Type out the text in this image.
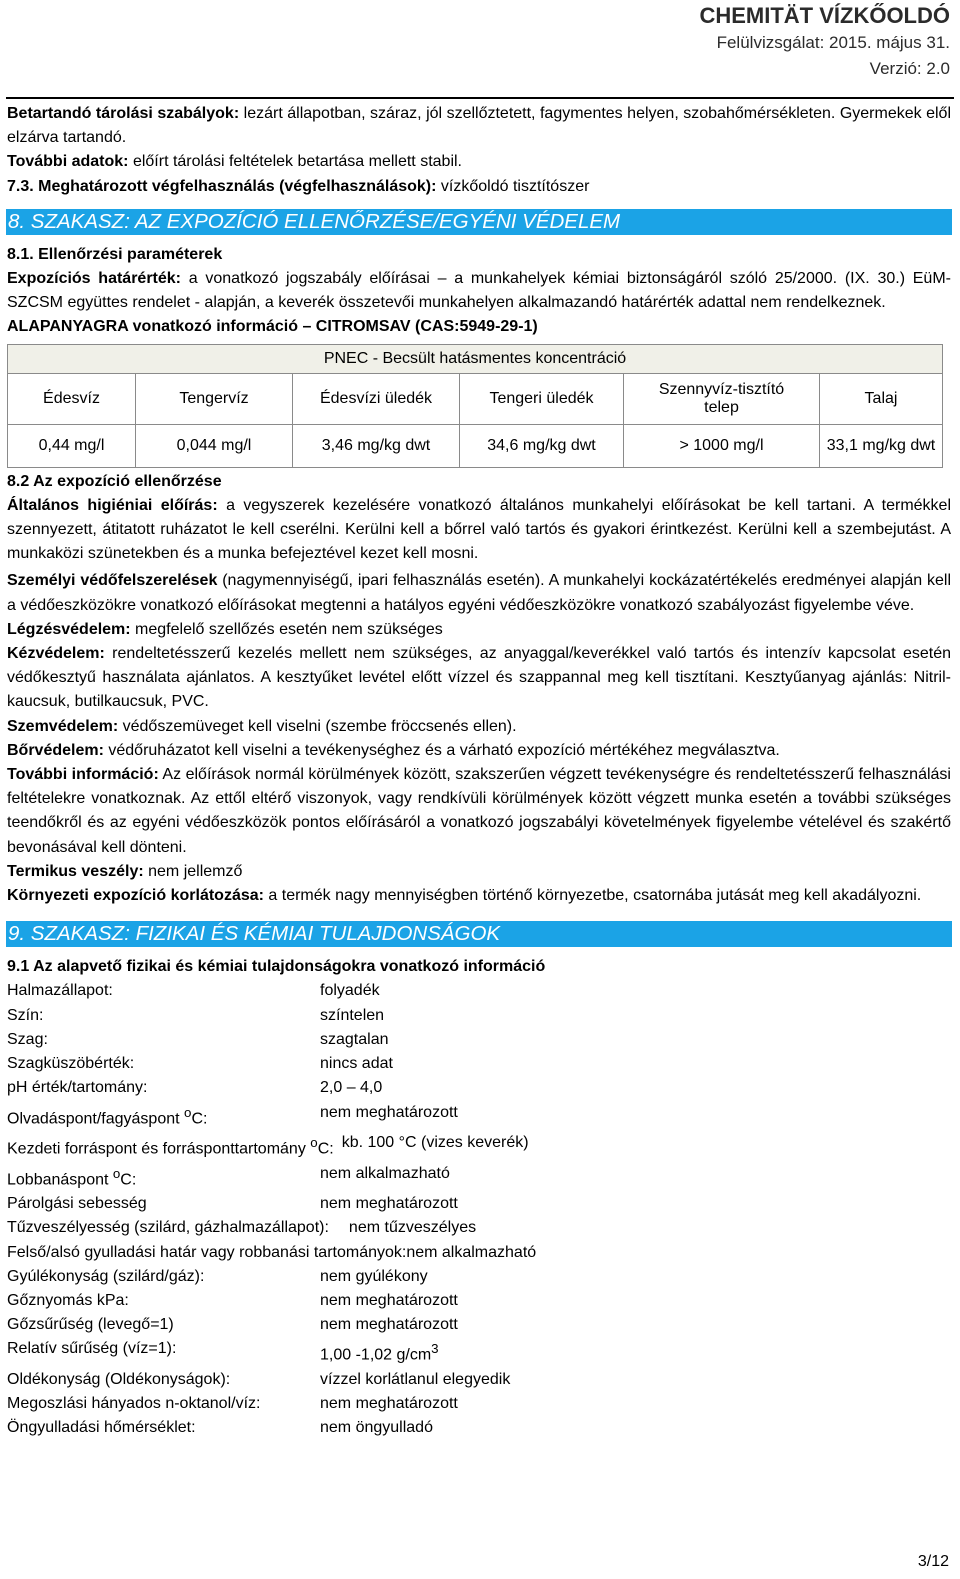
CHEMITÄT VÍZKŐOLDÓ
Felülvizsgálat: 2015. május 31.
Verzió: 2.0

Betartandó tárolási szabályok: lezárt állapotban, száraz, jól szellőztetett, fagymentes helyen, szobahőmérsékleten. Gyermekek elől elzárva tartandó.

További adatok: előírt tárolási feltételek betartása mellett stabil.

7.3. Meghatározott végfelhasználás (végfelhasználások): vízkőoldó tisztítószer

8. SZAKASZ: AZ EXPOZÍCIÓ ELLENŐRZÉSE/EGYÉNI VÉDELEM

8.1. Ellenőrzési paraméterek

Expozíciós határérték: a vonatkozó jogszabály előírásai – a munkahelyek kémiai biztonságáról szóló 25/2000. (IX. 30.) EüM-SZCSM együttes rendelet - alapján, a keverék összetevői munkahelyen alkalmazandó határérték adattal nem rendelkeznek.

ALAPANYAGRA vonatkozó információ – CITROMSAV (CAS:5949-29-1)

PNEC - Becsült hatásmentes koncentráció					
Édesvíz	Tengervíz	Édesvízi üledék	Tengeri üledék	Szennyvíz-tisztító telep	Talaj
0,44 mg/l	0,044 mg/l	3,46 mg/kg dwt	34,6 mg/kg dwt	> 1000 mg/l	33,1 mg/kg dwt

8.2 Az expozíció ellenőrzése

Általános higiéniai előírás: a vegyszerek kezelésére vonatkozó általános munkahelyi előírásokat be kell tartani. A termékkel szennyezett, átitatott ruházatot le kell cserélni. Kerülni kell a bőrrel való tartós és gyakori érintkezést. Kerülni kell a szembejutást. A munkaközi szünetekben és a munka befejeztével kezet kell mosni.

Személyi védőfelszerelések (nagymennyiségű, ipari felhasználás esetén). A munkahelyi kockázatértékelés eredményei alapján kell a védőeszközökre vonatkozó előírásokat megtenni a hatályos egyéni védőeszközökre vonatkozó szabályozást figyelembe véve.

Légzésvédelem: megfelelő szellőzés esetén nem szükséges

Kézvédelem: rendeltetésszerű kezelés mellett nem szükséges, az anyaggal/keverékkel való tartós és intenzív kapcsolat esetén védőkesztyű használata ajánlatos. A kesztyűket levétel előtt vízzel és szappannal meg kell tisztítani. Kesztyűanyag ajánlás: Nitril-kaucsuk, butilkaucsuk, PVC.

Szemvédelem: védőszemüveget kell viselni (szembe fröccsenés ellen).

Bőrvédelem: védőruházatot kell viselni a tevékenységhez és a várható expozíció mértékéhez megválasztva.

További információ: Az előírások normál körülmények között, szakszerűen végzett tevékenységre és rendeltetésszerű felhasználási feltételekre vonatkoznak. Az ettől eltérő viszonyok, vagy rendkívüli körülmények között végzett munka esetén a további szükséges teendőkről és az egyéni védőeszközök pontos előírásáról a vonatkozó jogszabályi követelmények figyelembe vételével és szakértő bevonásával kell dönteni.

Termikus veszély: nem jellemző

Környezeti expozíció korlátozása: a termék nagy mennyiségben történő környezetbe, csatornába jutását meg kell akadályozni.

9. SZAKASZ: FIZIKAI ÉS KÉMIAI TULAJDONSÁGOK

9.1 Az alapvető fizikai és kémiai tulajdonságokra vonatkozó információ

Halmazállapot:	folyadék
Szín:	színtelen
Szag:	szagtalan
Szagküszöbérték:	nincs adat
pH érték/tartomány:	2,0 – 4,0
Olvadáspont/fagyáspont $^o$C:	nem meghatározott
Kezdeti forráspont és forrásponttartomány $^o$C: kb. 100 °C (vizes keverék)
Lobbanáspont $^o$C:	nem alkalmazható
Párolgási sebesség	nem meghatározott
Tűzveszélyesség (szilárd, gázhalmazállapot):	nem tűzveszélyes
Felső/alsó gyulladási határ vagy robbanási tartományok: nem alkalmazható
Gyúlékonyság (szilárd/gáz):	nem gyúlékony
Gőznyomás kPa:	nem meghatározott
Gőzsűrűség (levegő=1)	nem meghatározott
Relatív sűrűség (víz=1):	1,00 -1,02 $g/cm^3$
Oldékonyság (Oldékonyságok):	vízzel korlátlanul elegyedik
Megoszlási hányados n-oktanol/víz:	nem meghatározott
Öngyulladási hőmérséklet:	nem öngyulladó
3/12
